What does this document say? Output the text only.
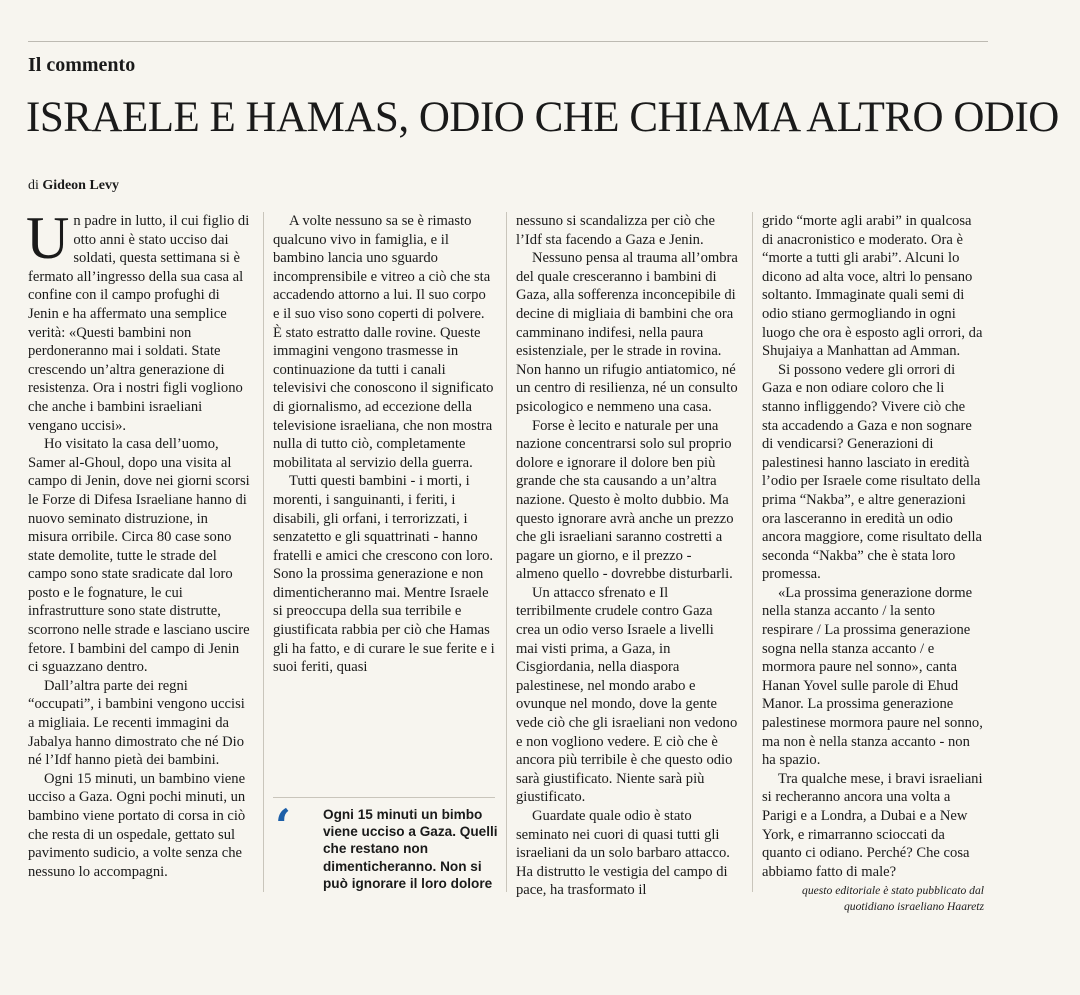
Il commento
ISRAELE E HAMAS, ODIO CHE CHIAMA ALTRO ODIO
di Gideon Levy

Un padre in lutto, il cui figlio di otto anni è stato ucciso dai soldati, questa settimana si è fermato all’ingresso della sua casa al confine con il campo profughi di Jenin e ha affermato una semplice verità: «Questi bambini non perdoneranno mai i soldati. State crescendo un’altra generazione di resistenza. Ora i nostri figli vogliono che anche i bambini israeliani vengano uccisi».

Ho visitato la casa dell’uomo, Samer al-Ghoul, dopo una visita al campo di Jenin, dove nei giorni scorsi le Forze di Difesa Israeliane hanno di nuovo seminato distruzione, in misura orribile. Circa 80 case sono state demolite, tutte le strade del campo sono state sradicate dal loro posto e le fognature, le cui infrastrutture sono state distrutte, scorrono nelle strade e lasciano uscire fetore. I bambini del campo di Jenin ci sguazzano dentro.

Dall’altra parte dei regni “occupati”, i bambini vengono uccisi a migliaia. Le recenti immagini da Jabalya hanno dimostrato che né Dio né l’Idf hanno pietà dei bambini.

Ogni 15 minuti, un bambino viene ucciso a Gaza. Ogni pochi minuti, un bambino viene portato di corsa in ciò che resta di un ospedale, gettato sul pavimento sudicio, a volte senza che nessuno lo accompagni.

A volte nessuno sa se è rimasto qualcuno vivo in famiglia, e il bambino lancia uno sguardo incomprensibile e vitreo a ciò che sta accadendo attorno a lui. Il suo corpo e il suo viso sono coperti di polvere. È stato estratto dalle rovine. Queste immagini vengono trasmesse in continuazione da tutti i canali televisivi che conoscono il significato di giornalismo, ad eccezione della televisione israeliana, che non mostra nulla di tutto ciò, completamente mobilitata al servizio della guerra.

Tutti questi bambini - i morti, i morenti, i sanguinanti, i feriti, i disabili, gli orfani, i terrorizzati, i senzatetto e gli squattrinati - hanno fratelli e amici che crescono con loro. Sono la prossima generazione e non dimenticheranno mai. Mentre Israele si preoccupa della sua terribile e giustificata rabbia per ciò che Hamas gli ha fatto, e di curare le sue ferite e i suoi feriti, quasi

‘ Ogni 15 minuti un bimbo viene ucciso a Gaza. Quelli che restano non dimenticheranno. Non si può ignorare il loro dolore

nessuno si scandalizza per ciò che l’Idf sta facendo a Gaza e Jenin.

Nessuno pensa al trauma all’ombra del quale cresceranno i bambini di Gaza, alla sofferenza inconcepibile di decine di migliaia di bambini che ora camminano indifesi, nella paura esistenziale, per le strade in rovina. Non hanno un rifugio antiatomico, né un centro di resilienza, né un consulto psicologico e nemmeno una casa.

Forse è lecito e naturale per una nazione concentrarsi solo sul proprio dolore e ignorare il dolore ben più grande che sta causando a un’altra nazione. Questo è molto dubbio. Ma questo ignorare avrà anche un prezzo che gli israeliani saranno costretti a pagare un giorno, e il prezzo - almeno quello - dovrebbe disturbarli.

Un attacco sfrenato e Il terribilmente crudele contro Gaza crea un odio verso Israele a livelli mai visti prima, a Gaza, in Cisgiordania, nella diaspora palestinese, nel mondo arabo e ovunque nel mondo, dove la gente vede ciò che gli israeliani non vedono e non vogliono vedere. E ciò che è ancora più terribile è che questo odio sarà giustificato. Niente sarà più giustificato.

Guardate quale odio è stato seminato nei cuori di quasi tutti gli israeliani da un solo barbaro attacco. Ha distrutto le vestigia del campo di pace, ha trasformato il

grido “morte agli arabi” in qualcosa di anacronistico e moderato. Ora è “morte a tutti gli arabi”. Alcuni lo dicono ad alta voce, altri lo pensano soltanto. Immaginate quali semi di odio stiano germogliando in ogni luogo che ora è esposto agli orrori, da Shujaiya a Manhattan ad Amman.

Si possono vedere gli orrori di Gaza e non odiare coloro che li stanno infliggendo? Vivere ciò che sta accadendo a Gaza e non sognare di vendicarsi? Generazioni di palestinesi hanno lasciato in eredità l’odio per Israele come risultato della prima “Nakba”, e altre generazioni ora lasceranno in eredità un odio ancora maggiore, come risultato della seconda “Nakba” che è stata loro promessa.

«La prossima generazione dorme nella stanza accanto / la sento respirare / La prossima generazione sogna nella stanza accanto / e mormora paure nel sonno», canta Hanan Yovel sulle parole di Ehud Manor. La prossima generazione palestinese mormora paure nel sonno, ma non è nella stanza accanto - non ha spazio.

Tra qualche mese, i bravi israeliani si recheranno ancora una volta a Parigi e a Londra, a Dubai e a New York, e rimarranno scioccati da quanto ci odiano. Perché? Che cosa abbiamo fatto di male?

questo editoriale è stato pubblicato dal quotidiano israeliano Haaretz
